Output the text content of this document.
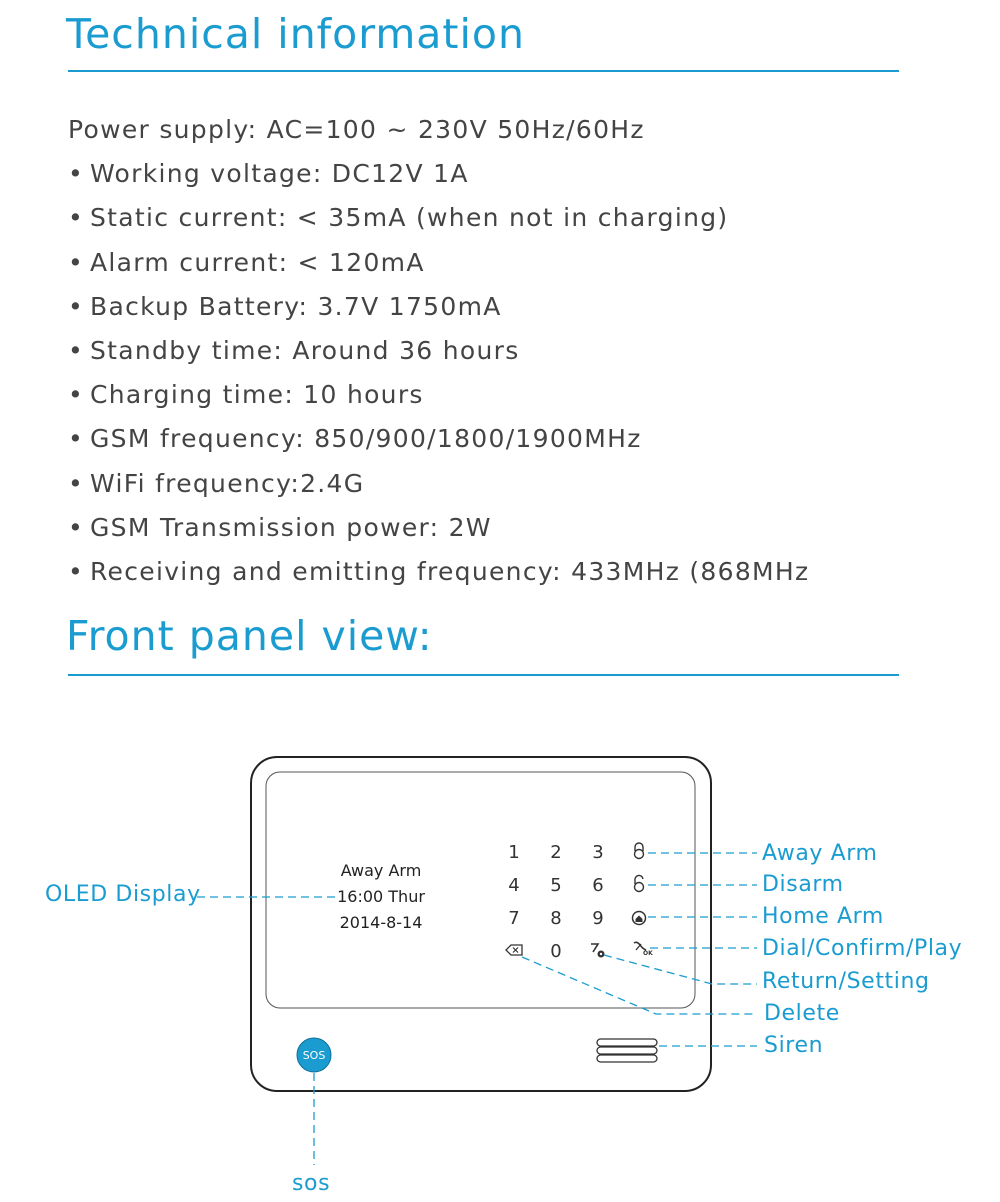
Technical information
Power supply: AC=100 ~ 230V 50Hz/60Hz
• Working voltage: DC12V 1A
• Static current: < 35mA (when not in charging)
• Alarm current: < 120mA
• Backup Battery: 3.7V 1750mA
• Standby time: Around 36 hours
• Charging time: 10 hours
• GSM frequency: 850/900/1800/1900MHz
• WiFi frequency:2.4G
• GSM Transmission power: 2W
• Receiving and emitting frequency: 433MHz (868MHz
Front panel view:
Away Arm
16:00 Thur
2014-8-14
1 2 3
4 5 6
7 8 9
0	OK
SOS
OLED Display
Away Arm
Disarm
Home Arm
Dial/Confirm/Play
Return/Setting
Delete
Siren
sos
